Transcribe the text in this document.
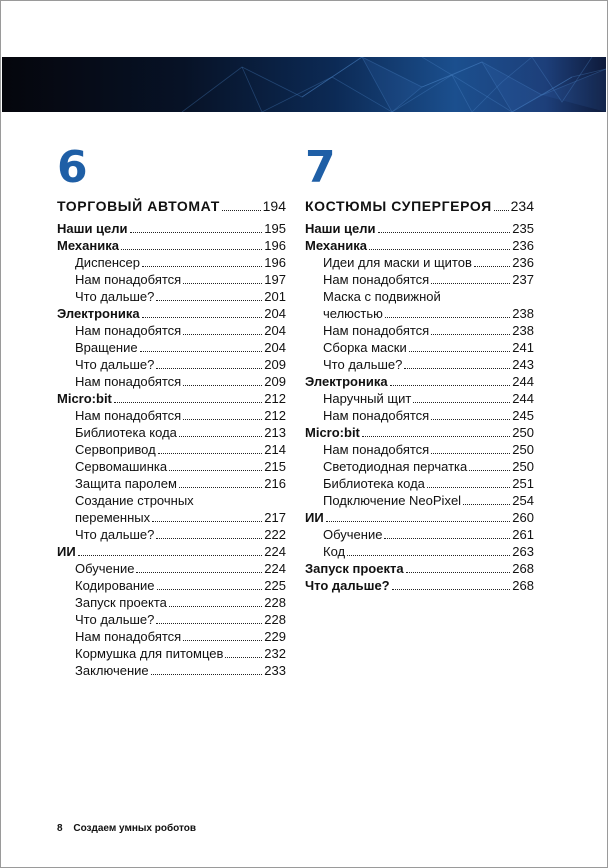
6	7
ТОРГОВЫЙ АВТОМАТ	194
Наши цели	195
Механика	196
Диспенсер	196
Нам понадобятся	197
Что дальше?	201
Электроника	204
Нам понадобятся	204
Вращение	204
Что дальше?	209
Нам понадобятся	209
Micro:bit	212
Нам понадобятся	212
Библиотека кода	213
Сервопривод	214
Сервомашинка	215
Защита паролем	216
Создание строчных
переменных	217
Что дальше?	222
ИИ	224
Обучение	224
Кодирование	225
Запуск проекта	228
Что дальше?	228
Нам понадобятся	229
Кормушка для питомцев	232
Заключение	233
КОСТЮМЫ СУПЕРГЕРОЯ 234
Наши цели	235
Механика	236
Идеи для маски и щитов	236
Нам понадобятся	237
Маска с подвижной
челюстью	238
Нам понадобятся	238
Сборка маски	241
Что дальше?	243
Электроника	244
Наручный щит	244
Нам понадобятся	245
Micro:bit	250
Нам понадобятся	250
Светодиодная перчатка	250
Библиотека кода	251
Подключение NeoPixel	254
ИИ	260
Обучение	261
Код	263
Запуск проекта	268
Что дальше?	268
8 Создаем умных роботов
